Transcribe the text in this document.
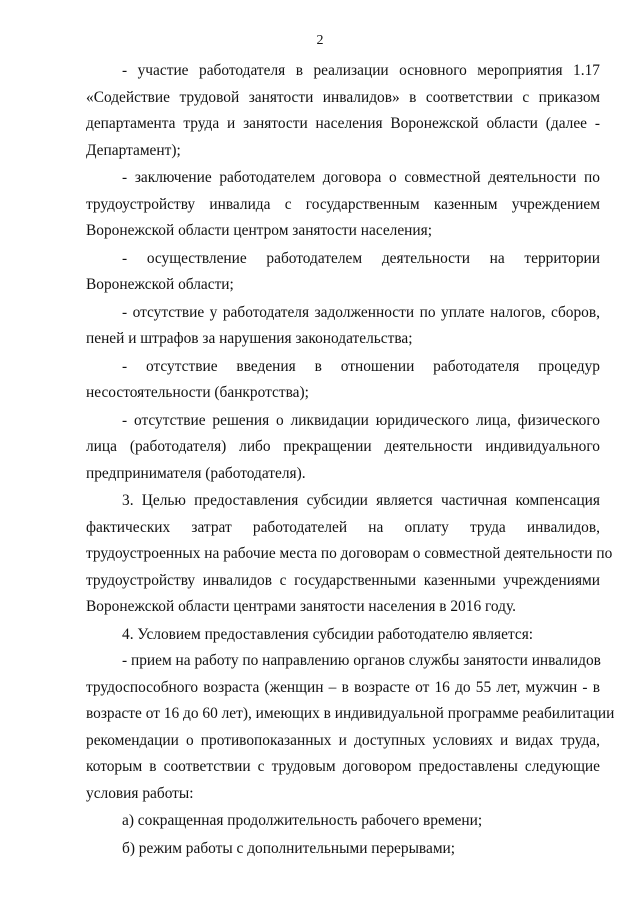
2
- участие работодателя в реализации основного мероприятия 1.17
«Содействие трудовой занятости инвалидов» в соответствии с приказом
департамента труда и занятости населения Воронежской области (далее -
Департамент);
- заключение работодателем договора о совместной деятельности по
трудоустройству инвалида с государственным казенным учреждением
Воронежской области центром занятости населения;
- осуществление работодателем деятельности на территории
Воронежской области;
- отсутствие у работодателя задолженности по уплате налогов, сборов,
пеней и штрафов за нарушения законодательства;
- отсутствие введения в отношении работодателя процедур
несостоятельности (банкротства);
- отсутствие решения о ликвидации юридического лица, физического
лица (работодателя) либо прекращении деятельности индивидуального
предпринимателя (работодателя).
3. Целью предоставления субсидии является частичная компенсация
фактических затрат работодателей на оплату труда инвалидов,
трудоустроенных на рабочие места по договорам о совместной деятельности по
трудоустройству инвалидов с государственными казенными учреждениями
Воронежской области центрами занятости населения в 2016 году.
4. Условием предоставления субсидии работодателю является:
- прием на работу по направлению органов службы занятости инвалидов
трудоспособного возраста (женщин – в возрасте от 16 до 55 лет, мужчин - в
возрасте от 16 до 60 лет), имеющих в индивидуальной программе реабилитации
рекомендации о противопоказанных и доступных условиях и видах труда,
которым в соответствии с трудовым договором предоставлены следующие
условия работы:
а) сокращенная продолжительность рабочего времени;
б) режим работы с дополнительными перерывами;
